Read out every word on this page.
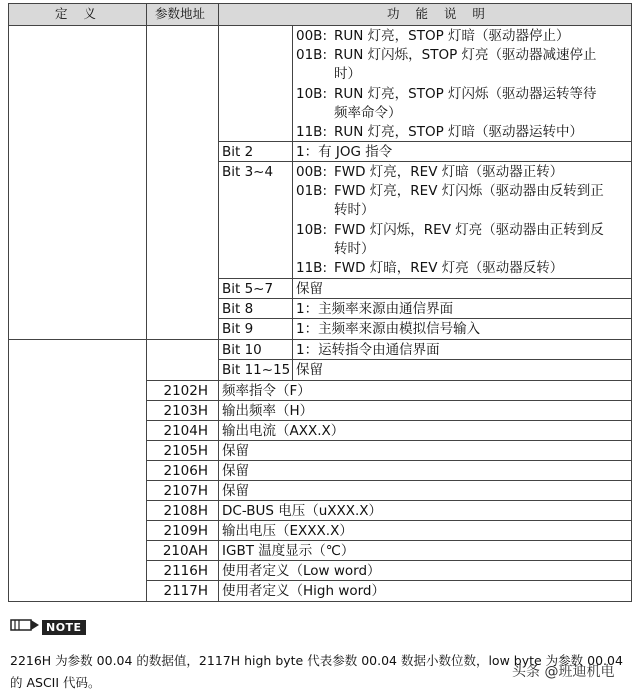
定 义	参数地址	功 能 说 明
00B: RUN 灯亮，STOP 灯暗（驱动器停止）
01B: RUN 灯闪烁，STOP 灯亮（驱动器减速停止
时）
10B: RUN 灯亮，STOP 灯闪烁（驱动器运转等待
频率命令）
11B: RUN 灯亮，STOP 灯暗（驱动器运转中）
Bit 2	1：有 JOG 指令
Bit 3~4 00B: FWD 灯亮，REV 灯暗（驱动器正转）
01B: FWD 灯亮，REV 灯闪烁（驱动器由反转到正
转时）
10B: FWD 灯闪烁，REV 灯亮（驱动器由正转到反
转时）
11B: FWD 灯暗，REV 灯亮（驱动器反转）
Bit 5~7 保留
Bit 8	1：主频率来源由通信界面
Bit 9	1：主频率来源由模拟信号输入
Bit 10	1：运转指令由通信界面
Bit 11~15 保留
2102H 频率指令（F）
2103H 输出频率（H）
2104H 输出电流（AXX.X）
2105H 保留
2106H 保留
2107H 保留
2108H DC-BUS 电压（uXXX.X）
2109H 输出电压（EXXX.X）
210AH IGBT 温度显示（℃）
2116H 使用者定义（Low word）
2117H 使用者定义（High word）
NOTE
2216H 为参数 00.04 的数据值，2117H high byte 代表参数 00.04 数据小数位数，low byte 为参数 00.04 的 ASCII 代码。
头条 @班迪机电
